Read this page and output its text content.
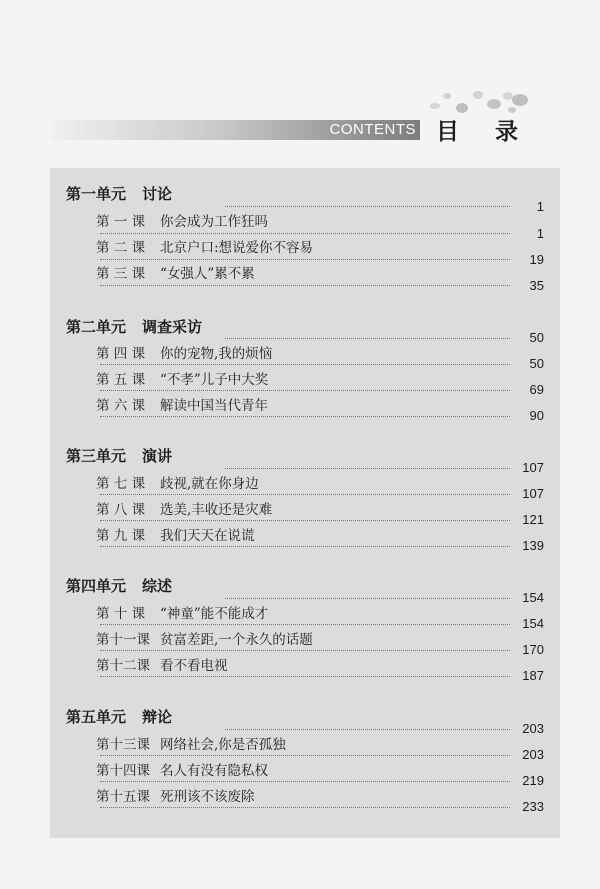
CONTENTS 目 录
第一单元 讨论
1
第 一 课 你会成为工作狂吗
1
第 二 课 北京户口:想说爱你不容易
19
第 三 课 “女强人”累不累
35
第二单元 调查采访
50
第 四 课 你的宠物,我的烦恼
50
第 五 课 “不孝”儿子中大奖
69
第 六 课 解读中国当代青年
90
第三单元 演讲
107
第 七 课 歧视,就在你身边
107
第 八 课 选美,丰收还是灾难
121
第 九 课 我们天天在说谎
139
第四单元 综述
154
第 十 课 “神童”能不能成才
154
第十一课 贫富差距,一个永久的话题
170
第十二课 看不看电视
187
第五单元 辩论
203
第十三课 网络社会,你是否孤独
203
第十四课 名人有没有隐私权
219
第十五课 死刑该不该废除
233
